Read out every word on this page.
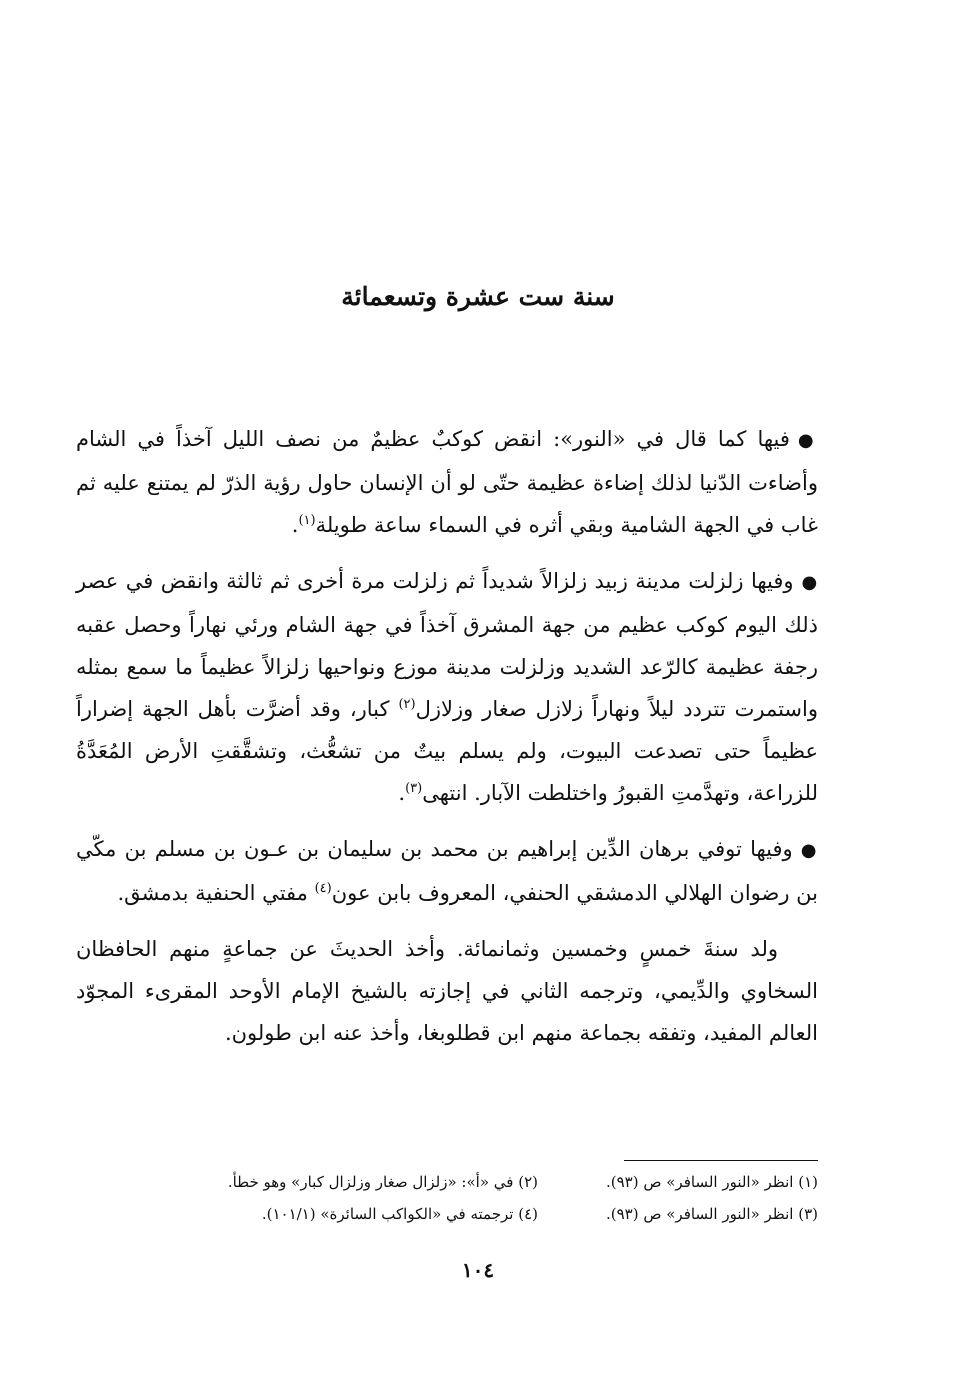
سنة ست عشرة وتسعمائة

●فيها كما قال في «النور»: انقض كوكبٌ عظيمٌ من نصف الليل آخذاً في الشام وأضاءت الدّنيا لذلك إضاءة عظيمة حتّى لو أن الإنسان حاول رؤية الذرّ لم يمتنع عليه ثم غاب في الجهة الشامية وبقي أثره في السماء ساعة طويلة$^{(١)}$.

●وفيها زلزلت مدينة زبيد زلزالاً شديداً ثم زلزلت مرة أخرى ثم ثالثة وانقض في عصر ذلك اليوم كوكب عظيم من جهة المشرق آخذاً في جهة الشام ورئي نهاراً وحصل عقبه رجفة عظيمة كالرّعد الشديد وزلزلت مدينة موزع ونواحيها زلزالاً عظيماً ما سمع بمثله واستمرت تتردد ليلاً ونهاراً زلازل صغار وزلازل$^{(٢)}$ كبار، وقد أضرَّت بأهل الجهة إضراراً عظيماً حتى تصدعت البيوت، ولم يسلم بيتٌ من تشعُّث، وتشقَّقتِ الأرض المُعَدَّةُ للزراعة، وتهدَّمتِ القبورُ واختلطت الآبار. انتهى$^{(٣)}$.

●وفيها توفي برهان الدِّين إبراهيم بن محمد بن سليمان بن عـون بن مسلم بن مكّي بن رضوان الهلالي الدمشقي الحنفي، المعروف بابن عون$^{(٤)}$ مفتي الحنفية بدمشق.

ولد سنةَ خمسٍ وخمسين وثمانمائة. وأخذ الحديثَ عن جماعةٍ منهم الحافظان السخاوي والدِّيمي، وترجمه الثاني في إجازته بالشيخ الإمام الأوحد المقرىء المجوّد العالم المفيد، وتفقه بجماعة منهم ابن قطلوبغا، وأخذ عنه ابن طولون.

(١) انظر «النور السافر» ص (٩٣).
(٢) في «أ»: «زلزال صغار وزلزال كبار» وهو خطأ.
(٣) انظر «النور السافر» ص (٩٣).
(٤) ترجمته في «الكواكب السائرة» (١٠١/١).
١٠٤
